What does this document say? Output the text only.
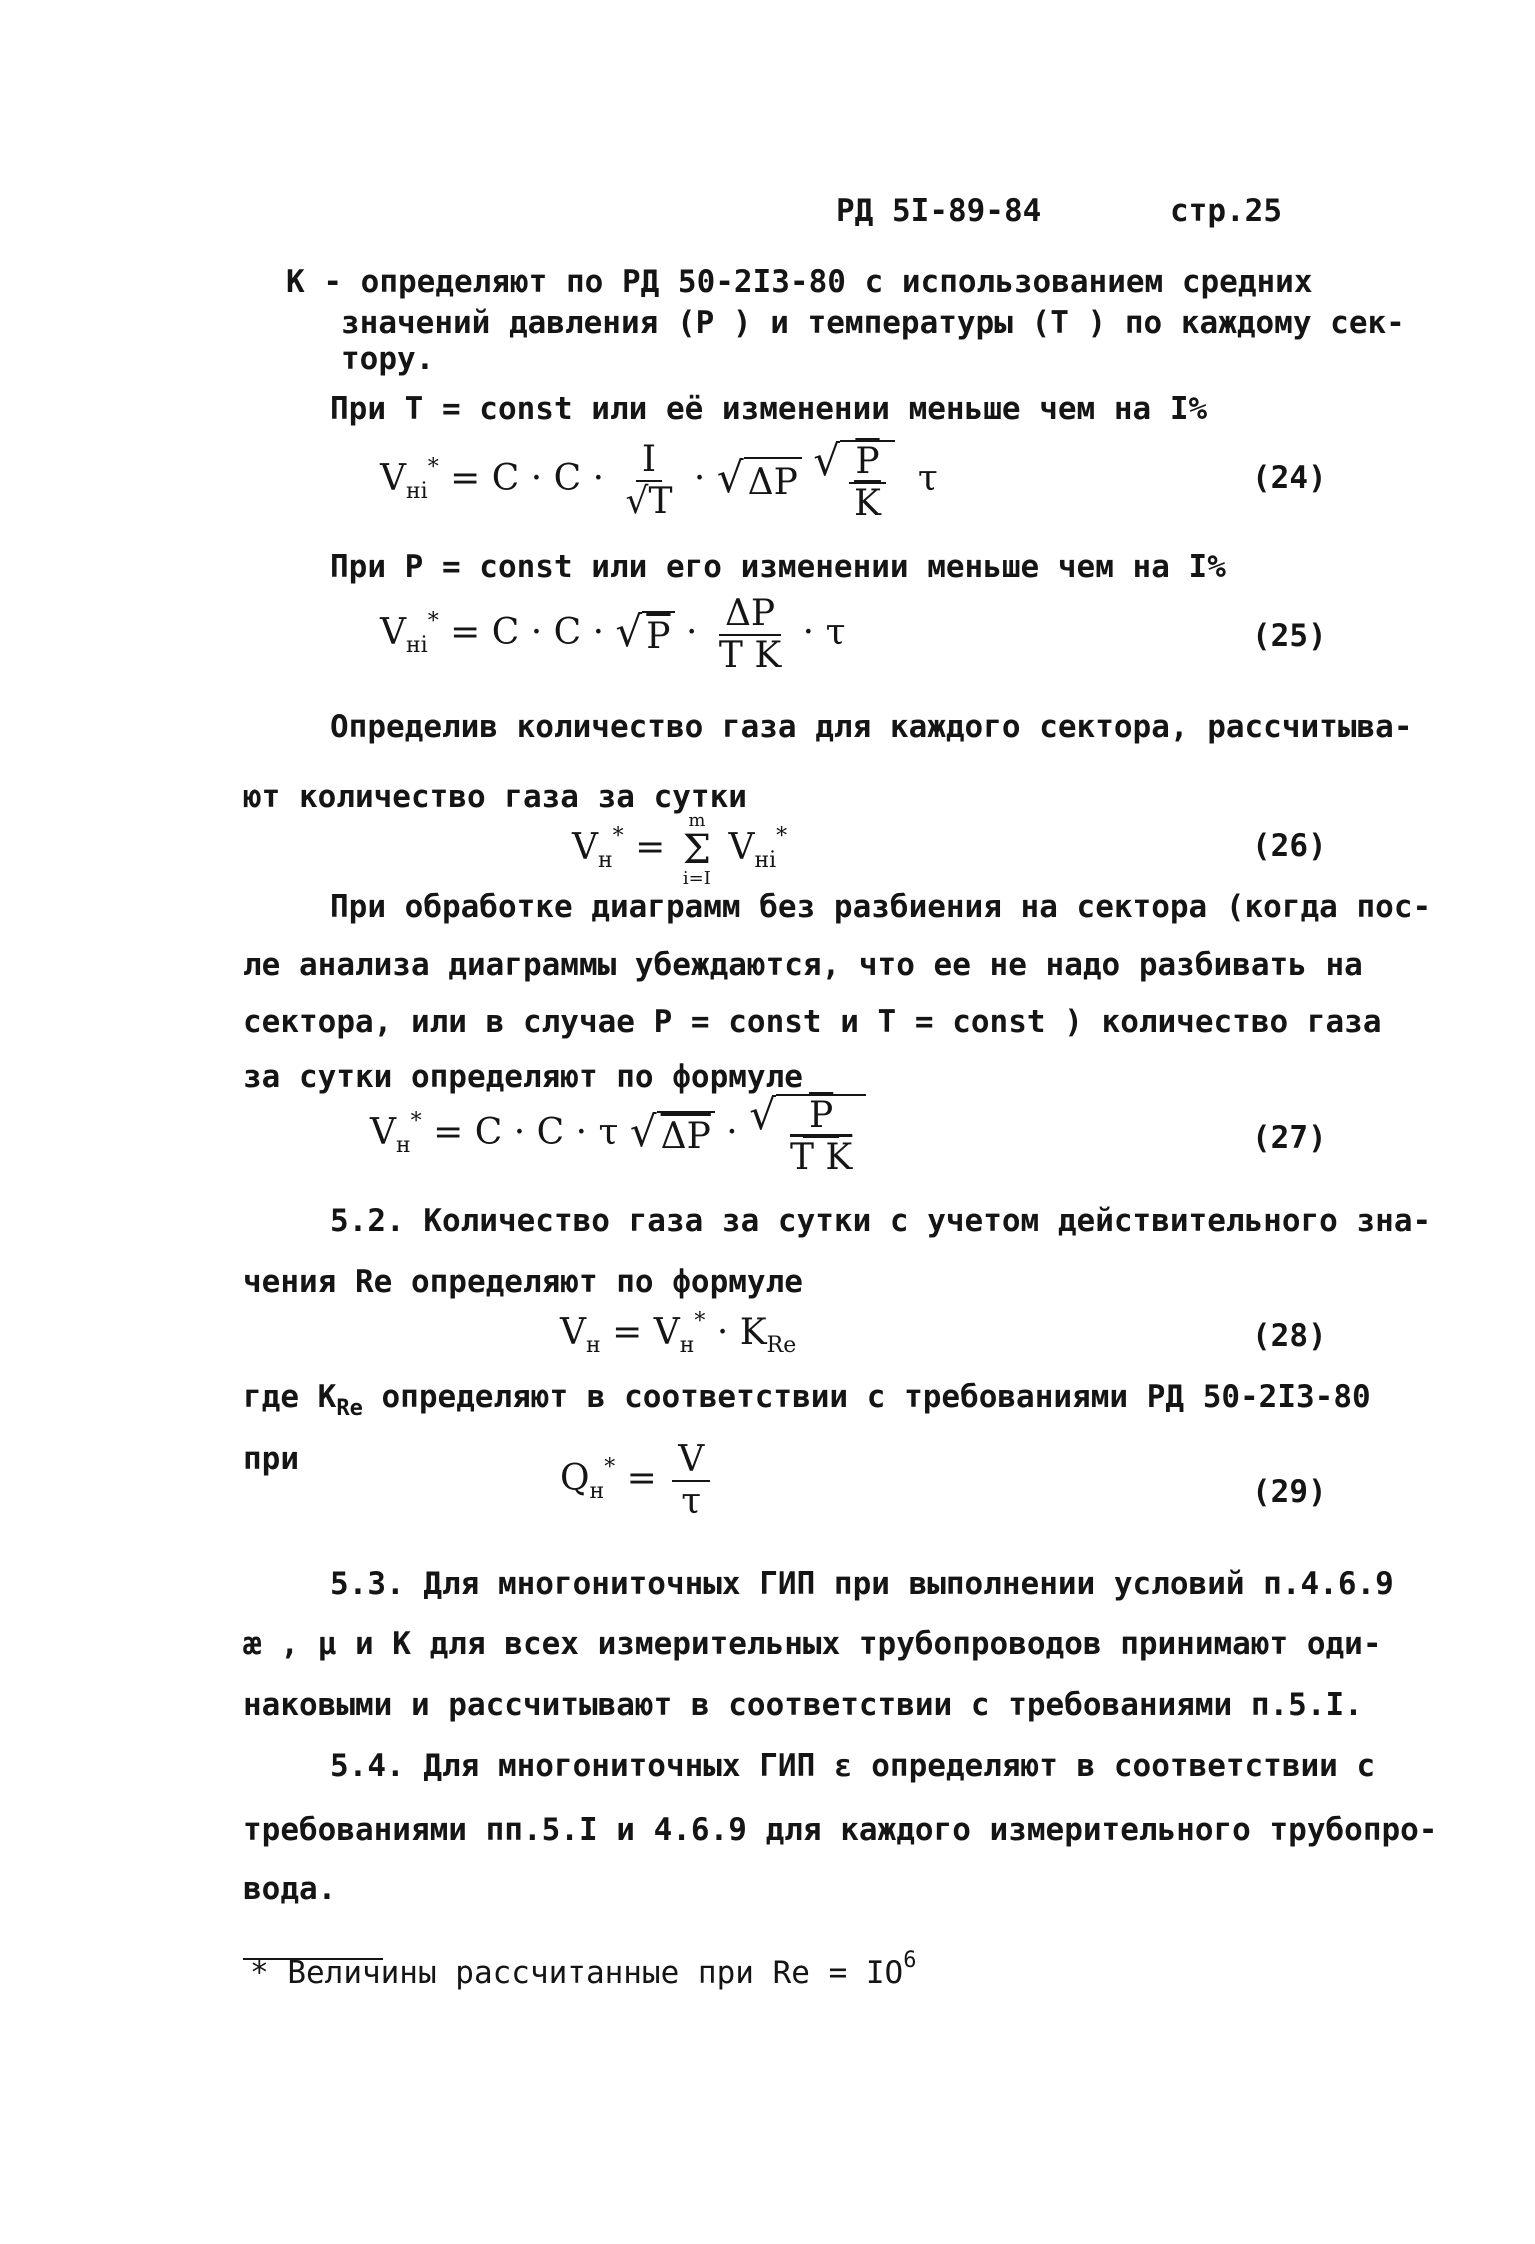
РД 5I-89-84	стр.25
К - определяют по РД 50-2I3-80 с использованием средних
значений давления (P ) и температуры (T ) по каждому сек-
тору.
При T = const или её изменении меньше чем на I%
$V_{нi}^* = C \cdot C \cdot \frac{I}{√T}$ · √ ΔP
√ $\frac{P}{K}$ τ	(24)
При P = const или его изменении меньше чем на I%
$V_{нi}^* = C \cdot C$ · √ $P \cdot \frac{\Delta P}{\text{T K}} \cdot \tau$	(25)
Определив количество газа для каждого сектора, рассчитыва-
ют количество газа за сутки
$V_н^*$ =
m
Σ
i=I
$V_{нi}^*$	(26)
При обработке диаграмм без разбиения на сектора (когда пос-
ле анализа диаграммы убеждаются, что ее не надо разбивать на
сектора, или в случае P = const и T = const ) количество газа
за сутки определяют по формуле
$V_н^* = C \cdot C \cdot \tau$ √ ΔP · √ $\frac{P}{\text{T K}}$	(27)
5.2. Количество газа за сутки с учетом действительного зна-
чения Re определяют по формуле
$V_н = V_н^* \cdot K_{Re}$	(28)
где $K_{Re}$ определяют в соответствии с требованиями РД 50-2I3-80
при	$Q_н^* = \frac{V}{\tau}$	(29)
5.3. Для многониточных ГИП при выполнении условий п.4.6.9
æ , μ и К для всех измерительных трубопроводов принимают оди-
наковыми и рассчитывают в соответствии с требованиями п.5.I.
5.4. Для многониточных ГИП ε определяют в соответствии с
требованиями пп.5.I и 4.6.9 для каждого измерительного трубопро-
вода.
* Величины рассчитанные при $Re = IO^6$
